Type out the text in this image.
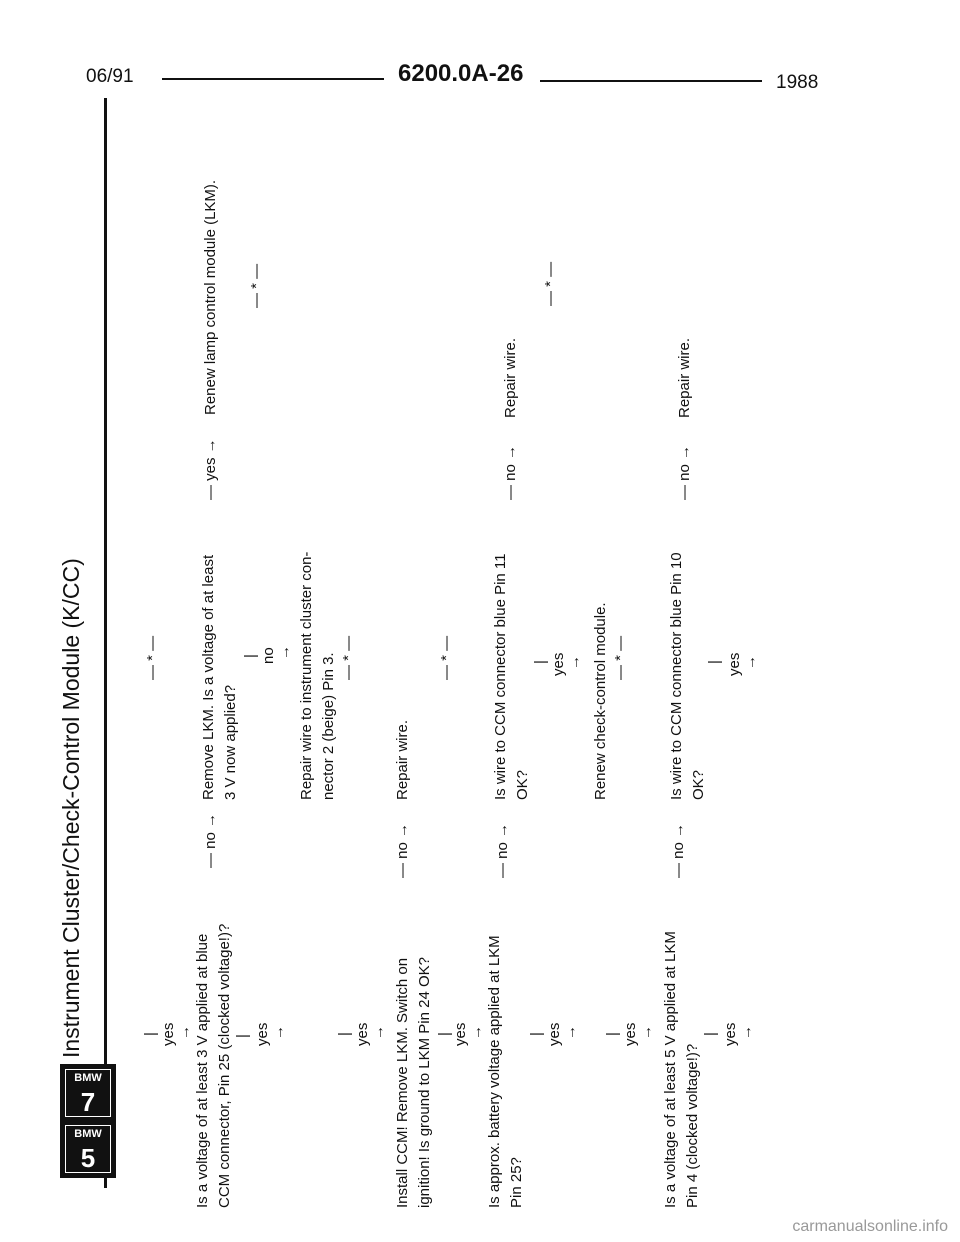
06/91	6200.0A-26	1988
BMW
5
BMW
7
Instrument Cluster/Check-Control Module (K/CC)	| yes →
— * —
Is a voltage of at least 3 V applied at blue CCM connector, Pin 25 (clocked voltage!)?
— no →
| yes →
Remove LKM. Is a voltage of at least 3 V now applied?
— yes →
Renew lamp control module (LKM). — * —
| no → Repair wire to instrument cluster con- nector 2 (beige) Pin 3. — * —
| yes → Install CCM! Remove LKM. Switch on ignition! Is ground to LKM Pin 24 OK?
— no →
Repair wire.
| yes →
— * —
Is approx. battery voltage applied at LKM Pin 25?
— no →
Is wire to CCM connector blue Pin 11 OK?
— no →
Repair wire.
— * —
| yes → Renew check-control module. — * —
| yes → | yes → Is a voltage of at least 5 V applied at LKM Pin 4 (clocked voltage!)?
— no →
Is wire to CCM connector blue Pin 10 OK?
— no →
Repair wire.
| yes →
| yes →
carmanualsonline.info
